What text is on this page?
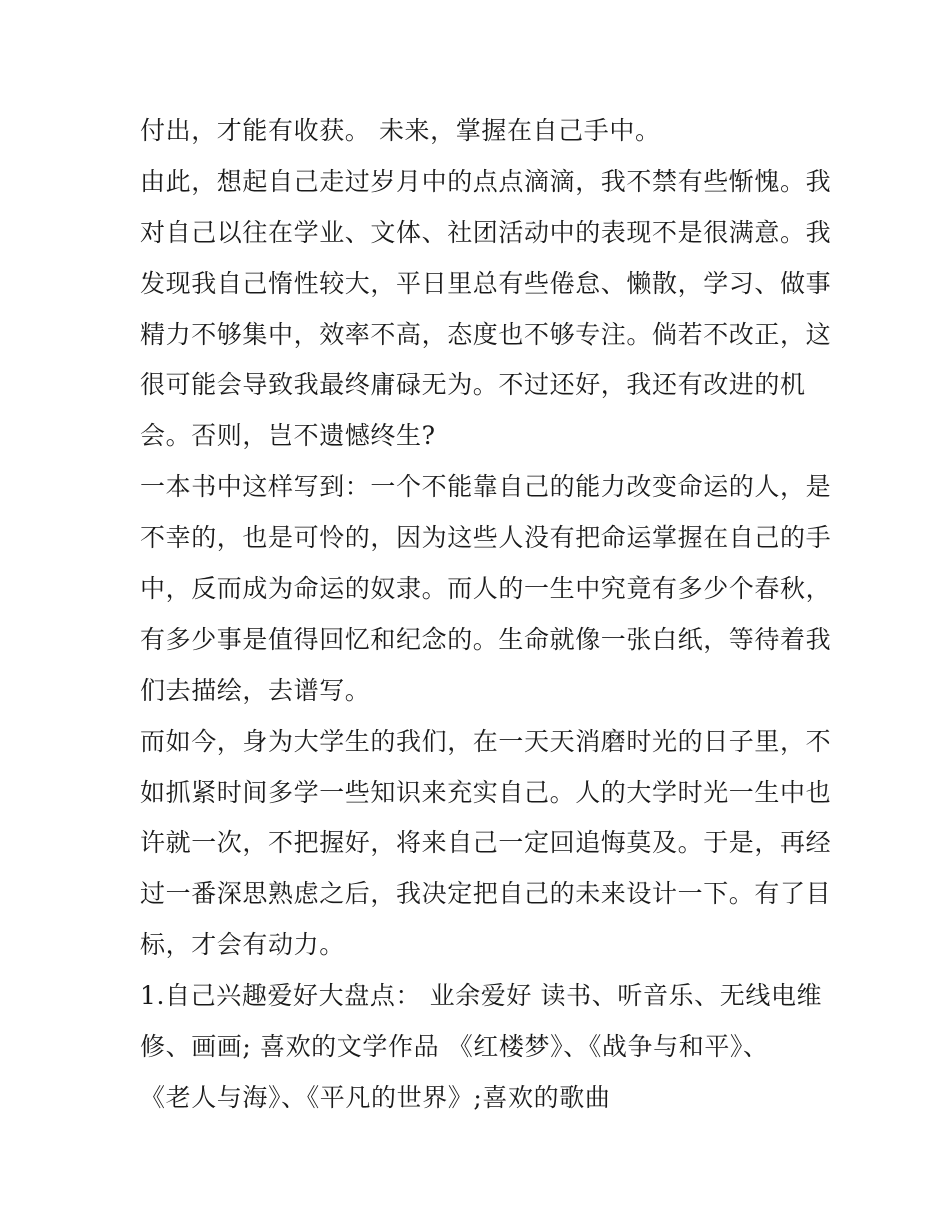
付出，才能有收获。 未来，掌握在自己手中。
由此，想起自己走过岁月中的点点滴滴，我不禁有些惭愧。我
对自己以往在学业、文体、社团活动中的表现不是很满意。我
发现我自己惰性较大，平日里总有些倦怠、懒散，学习、做事
精力不够集中，效率不高，态度也不够专注。倘若不改正，这
很可能会导致我最终庸碌无为。不过还好，我还有改进的机
会。否则，岂不遗憾终生?
一本书中这样写到：一个不能靠自己的能力改变命运的人，是
不幸的，也是可怜的，因为这些人没有把命运掌握在自己的手
中，反而成为命运的奴隶。而人的一生中究竟有多少个春秋，
有多少事是值得回忆和纪念的。生命就像一张白纸，等待着我
们去描绘，去谱写。
而如今，身为大学生的我们，在一天天消磨时光的日子里，不
如抓紧时间多学一些知识来充实自己。人的大学时光一生中也
许就一次，不把握好，将来自己一定回追悔莫及。于是，再经
过一番深思熟虑之后，我决定把自己的未来设计一下。有了目
标，才会有动力。
1.自己兴趣爱好大盘点： 业余爱好 读书、听音乐、无线电维
修、画画; 喜欢的文学作品 《红楼梦》、《战争与和平》、
《老人与海》、《平凡的世界》;喜欢的歌曲
